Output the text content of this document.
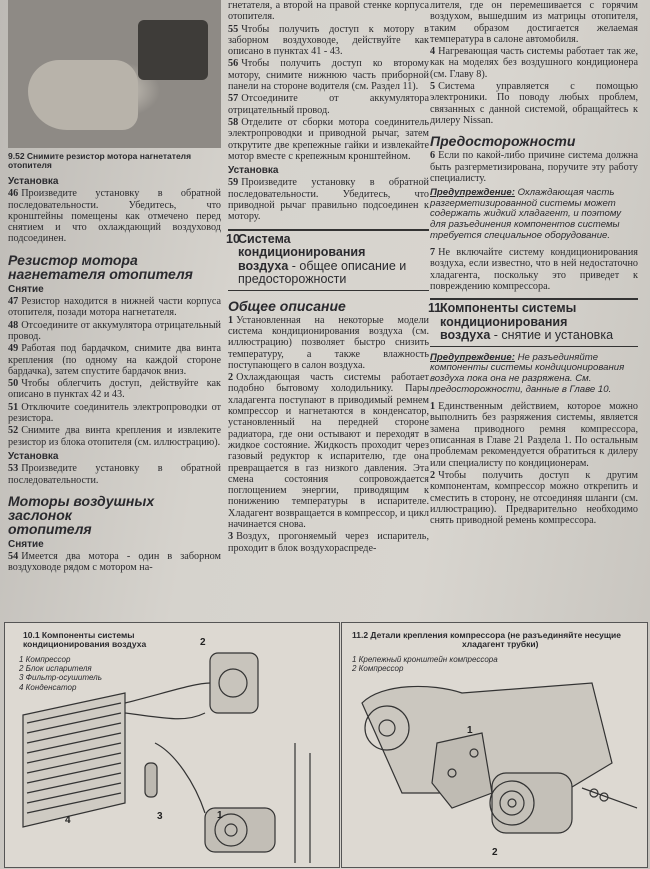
9.52 Снимите резистор мотора нагнетателя отопителя
Установка

46 Произведите установку в обратной последовательности. Убедитесь, что кронштейны помещены как отмечено перед снятием и что охлаждающий воздуховод подсоединен.

Резистор мотора
нагнетателя отопителя
Снятие

47 Резистор находится в нижней части корпуса отопителя, позади мотора нагнетателя.

48 Отсоедините от аккумулятора отрицательный провод.

49 Работая под бардачком, снимите два винта крепления (по одному на каждой стороне бардачка), затем спустите бардачок вниз.

50 Чтобы облегчить доступ, действуйте как описано в пунктах 42 и 43.

51 Отключите соединитель электропроводки от резистора.

52 Снимите два винта крепления и извлеките резистор из блока отопителя (см. иллюстрацию).

Установка

53 Произведите установку в обратной последовательности.

Моторы воздушных заслонок
отопителя
Снятие

54 Имеется два мотора - один в заборном воздуховоде рядом с мотором на-

гнетателя, а второй на правой стенке корпуса отопителя.

55 Чтобы получить доступ к мотору в заборном воздуховоде, действуйте как описано в пунктах 41 - 43.

56 Чтобы получить доступ ко второму мотору, снимите нижнюю часть приборной панели на стороне водителя (см. Раздел 11).

57 Отсоедините от аккумулятора отрицательный провод.

58 Отделите от сборки мотора соединитель электропроводки и приводной рычаг, затем открутите две крепежные гайки и извлекайте мотор вместе с крепежным кронштейном.

Установка

59 Произведите установку в обратной последовательности. Убедитесь, что приводной рычаг правильно подсоединен к мотору.

10
Система
кондиционирования
воздуха - общее описание и предосторожности
Общее описание

1 Установленная на некоторые модели система кондиционирования воздуха (см. иллюстрацию) позволяет быстро снизить температуру, а также влажность поступающего в салон воздуха.

2 Охлаждающая часть системы работает подобно бытовому холодильнику. Пары хладагента поступают в приводимый ремнем компрессор и нагнетаются в конденсатор, установленный на передней стороне радиатора, где они остывают и переходят в жидкое состояние. Жидкость проходит через газовый редуктор к испарителю, где она превращается в газ низкого давления. Эта смена состояния сопровождается поглощением энергии, приводящим к понижению температуры в испарителе. Хладагент возвращается в компрессор, и цикл начинается снова.

3 Воздух, прогоняемый через испаритель, проходит в блок воздухораспреде-

лителя, где он перемешивается с горячим воздухом, вышедшим из матрицы отопителя, таким образом достигается желаемая температура в салоне автомобиля.

4 Нагревающая часть системы работает так же, как на моделях без воздушного кондиционера (см. Главу 8).

5 Система управляется с помощью электроники. По поводу любых проблем, связанных с данной системой, обращайтесь к дилеру Nissan.

Предосторожности

6 Если по какой-либо причине система должна быть разгерметизирована, поручите эту работу специалисту.

Предупреждение: Охлаждающая часть разгерметизированной системы может содержать жидкий хладагент, и поэтому для разъединения компонентов системы требуется специальное оборудование.

7 Не включайте систему кондиционирования воздуха, если известно, что в ней недостаточно хладагента, поскольку это приведет к повреждению компрессора.

11
Компоненты системы
кондиционирования
воздуха - снятие и установка
Предупреждение: Не разъединяйте компоненты системы кондиционирования воздуха пока она не разряжена. См. предосторожности, данные в Главе 10.

1 Единственным действием, которое можно выполнить без разряжения системы, является замена приводного ремня компрессора, описанная в Главе 21 Раздела 1. По остальным проблемам рекомендуется обратиться к дилеру или специалисту по кондиционерам.

2 Чтобы получить доступ к другим компонентам, компрессор можно открепить и сместить в сторону, не отсоединяя шланги (см. иллюстрацию). Предварительно необходимо снять приводной ремень компрессора.

10.1 Компоненты системы
кондиционирования воздуха
1 Компрессор
2 Блок испарителя
3 Фильтр-осушитель
4 Конденсатор
1
2
3
4
11.2 Детали крепления компрессора (не разъединяйте несущие
хладагент трубки)
1 Крепежный кронштейн компрессора
2 Компрессор
1
2
